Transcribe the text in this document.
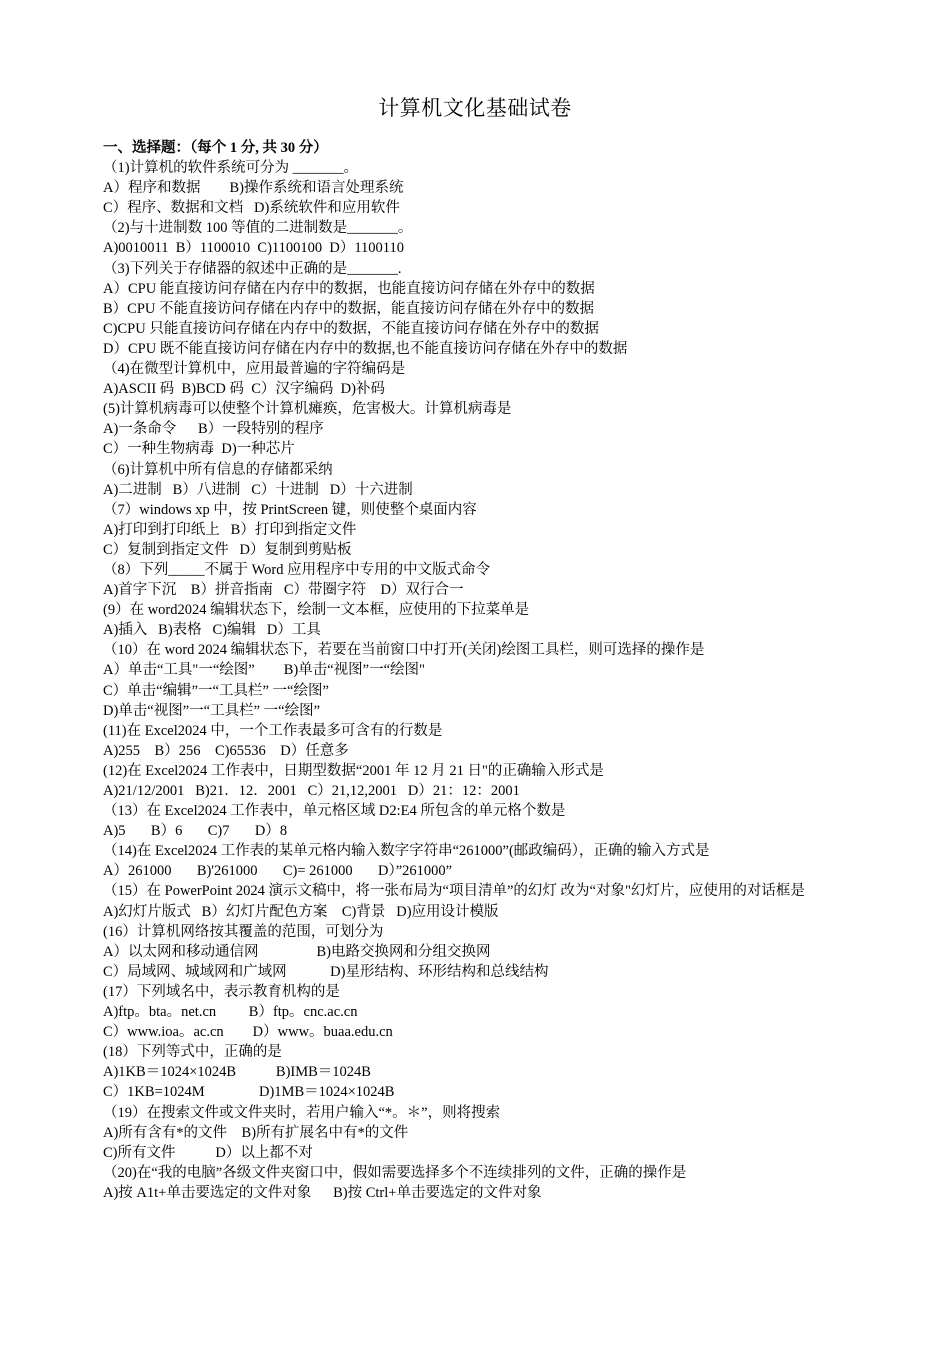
计算机文化基础试卷
一、选择题：（每个 1 分, 共 30 分）
（1)计算机的软件系统可分为 _______。
A）程序和数据        B)操作系统和语言处理系统
C）程序、数据和文档   D)系统软件和应用软件
（2)与十进制数 100 等值的二进制数是_______。
A)0010011  B）1100010  C)1100100  D）1100110
（3)下列关于存储器的叙述中正确的是_______.
A）CPU 能直接访问存储在内存中的数据，也能直接访问存储在外存中的数据
B）CPU 不能直接访问存储在内存中的数据，能直接访问存储在外存中的数据
C)CPU 只能直接访问存储在内存中的数据，不能直接访问存储在外存中的数据
D）CPU 既不能直接访问存储在内存中的数据,也不能直接访问存储在外存中的数据
（4)在微型计算机中，应用最普遍的字符编码是
A)ASCII 码  B)BCD 码  C）汉字编码  D)补码
(5)计算机病毒可以使整个计算机瘫痪，危害极大。计算机病毒是
A)一条命令      B）一段特别的程序
C）一种生物病毒  D)一种芯片
（6)计算机中所有信息的存储都采纳
A)二进制   B）八进制   C）十进制   D）十六进制
（7）windows xp 中，按 PrintScreen 键，则使整个桌面内容
A)打印到打印纸上   B）打印到指定文件
C）复制到指定文件   D）复制到剪贴板
（8）下列_____不属于 Word 应用程序中专用的中文版式命令
A)首字下沉    B）拼音指南   C）带圈字符    D）双行合一
(9）在 word2024 编辑状态下，绘制一文本框，应使用的下拉菜单是
A)插入   B)表格   C)编辑   D）工具
（10）在 word 2024 编辑状态下，若要在当前窗口中打开(关闭)绘图工具栏，则可选择的操作是
A）单击“工具"一“绘图”        B)单击“视图”一“绘图"
C）单击“编辑”一“工具栏” 一“绘图”
D)单击“视图”一“工具栏” 一“绘图”
(11)在 Excel2024 中，一个工作表最多可含有的行数是
A)255    B）256    C)65536    D）任意多
(12)在 Excel2024 工作表中，日期型数据“2001 年 12 月 21 日"的正确输入形式是
A)21/12/2001   B)21．12．2001   C）21,12,2001   D）21：12：2001
（13）在 Excel2024 工作表中，单元格区域 D2:E4 所包含的单元格个数是
A)5       B）6       C)7       D）8
（14)在 Excel2024 工作表的某单元格内输入数字字符串“261000”(邮政编码），正确的输入方式是
A）261000       B)'261000       C)= 261000       D）”261000”
（15）在 PowerPoint 2024 演示文稿中，将一张布局为“项目清单”的幻灯 改为“对象"幻灯片，应使用的对话框是
A)幻灯片版式   B）幻灯片配色方案    C)背景   D)应用设计模版
(16）计算机网络按其覆盖的范围，可划分为
A）以太网和移动通信网                B)电路交换网和分组交换网
C）局域网、城域网和广域网            D)星形结构、环形结构和总线结构
(17）下列域名中，表示教育机构的是
A)ftp。bta。net.cn         B）ftp。cnc.ac.cn
C）www.ioa。ac.cn        D）www。buaa.edu.cn
(18）下列等式中，正确的是
A)1KB＝1024×1024B           B)IMB＝1024B
C）1KB=1024M               D)1MB＝1024×1024B
（19）在搜索文件或文件夹时，若用户输入“*。＊”，则将搜索
A)所有含有*的文件    B)所有扩展名中有*的文件
C)所有文件           D）以上都不对
（20)在“我的电脑”各级文件夹窗口中，假如需要选择多个不连续排列的文件，正确的操作是
A)按 A1t+单击要选定的文件对象      B)按 Ctrl+单击要选定的文件对象
